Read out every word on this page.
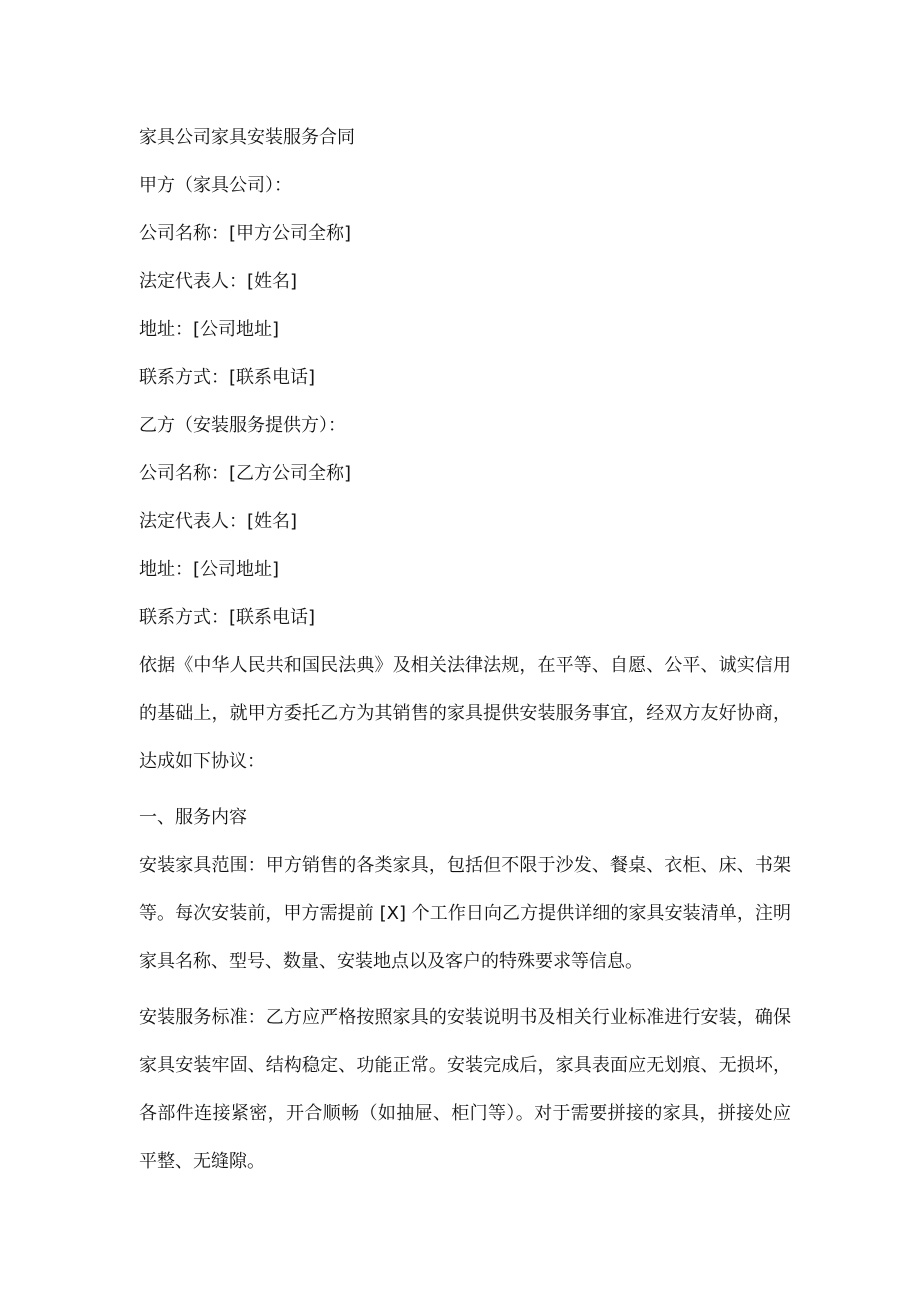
家具公司家具安装服务合同
甲方（家具公司）：
公司名称：[甲方公司全称]
法定代表人：[姓名]
地址：[公司地址]
联系方式：[联系电话]
乙方（安装服务提供方）：
公司名称：[乙方公司全称]
法定代表人：[姓名]
地址：[公司地址]
联系方式：[联系电话]
依据《中华人民共和国民法典》及相关法律法规，在平等、自愿、公平、诚实信用的基础上，就甲方委托乙方为其销售的家具提供安装服务事宜，经双方友好协商，达成如下协议：
一、服务内容
安装家具范围：甲方销售的各类家具，包括但不限于沙发、餐桌、衣柜、床、书架等。每次安装前，甲方需提前 [X] 个工作日向乙方提供详细的家具安装清单，注明家具名称、型号、数量、安装地点以及客户的特殊要求等信息。
安装服务标准：乙方应严格按照家具的安装说明书及相关行业标准进行安装，确保家具安装牢固、结构稳定、功能正常。安装完成后，家具表面应无划痕、无损坏，各部件连接紧密，开合顺畅（如抽屉、柜门等）。对于需要拼接的家具，拼接处应平整、无缝隙。
